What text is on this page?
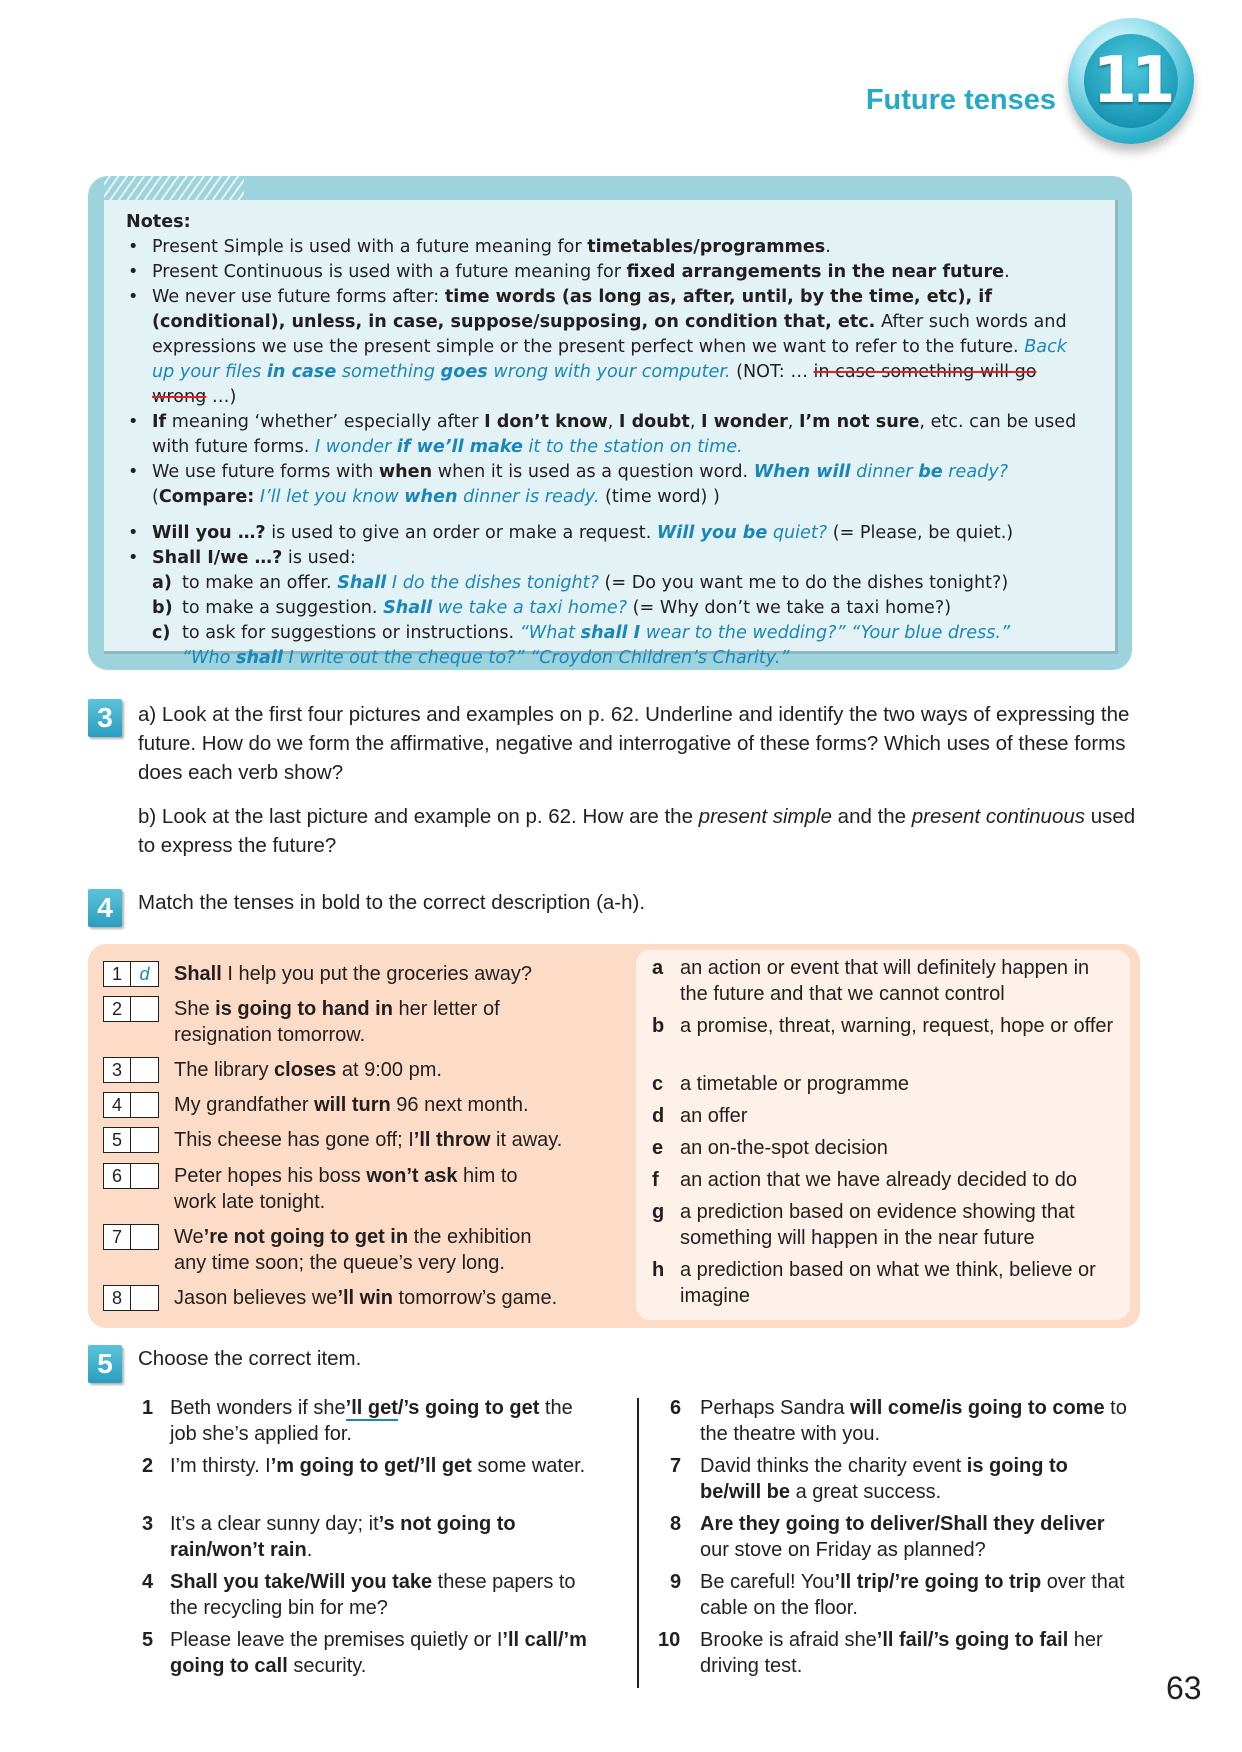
Future tenses 11
Notes:
• Present Simple is used with a future meaning for timetables/programmes.
• Present Continuous is used with a future meaning for fixed arrangements in the near future.
• We never use future forms after: time words (as long as, after, until, by the time, etc), if (conditional), unless, in case, suppose/supposing, on condition that, etc. After such words and expressions we use the present simple or the present perfect when we want to refer to the future. Back up your files in case something goes wrong with your computer. (NOT: … in case something will go wrong …)
• If meaning ‘whether’ especially after I don’t know, I doubt, I wonder, I’m not sure, etc. can be used with future forms. I wonder if we’ll make it to the station on time.
• We use future forms with when when it is used as a question word. When will dinner be ready? (Compare: I’ll let you know when dinner is ready. (time word) )
• Will you …? is used to give an order or make a request. Will you be quiet? (= Please, be quiet.)
• Shall I/we …? is used:
a) to make an offer. Shall I do the dishes tonight? (= Do you want me to do the dishes tonight?)
b) to make a suggestion. Shall we take a taxi home? (= Why don’t we take a taxi home?)
c) to ask for suggestions or instructions. “What shall I wear to the wedding?” “Your blue dress.”
“Who shall I write out the cheque to?” “Croydon Children’s Charity.”
3	a) Look at the first four pictures and examples on p. 62. Underline and identify the two ways of expressing the future. How do we form the affirmative, negative and interrogative of these forms? Which uses of these forms does each verb show?
b) Look at the last picture and example on p. 62. How are the present simple and the present continuous used to express the future?
4	Match the tenses in bold to the correct description (a-h).
1 d	Shall I help you put the groceries away?
2	She is going to hand in her letter of resignation tomorrow.
3	The library closes at 9:00 pm.
4	My grandfather will turn 96 next month.
5	This cheese has gone off; I’ll throw it away.
6	Peter hopes his boss won’t ask him to work late tonight.
7	We’re not going to get in the exhibition any time soon; the queue’s very long.
8	Jason believes we’ll win tomorrow’s game.
a an action or event that will definitely happen in the future and that we cannot control
b a promise, threat, warning, request, hope or offer
c a timetable or programme
d an offer
e an on-the-spot decision
f an action that we have already decided to do
g a prediction based on evidence showing that something will happen in the near future
h a prediction based on what we think, believe or imagine
5	Choose the correct item.
1 Beth wonders if she’ll get/’s going to get the job she’s applied for.
2 I’m thirsty. I’m going to get/’ll get some water.
3 It’s a clear sunny day; it’s not going to rain/won’t rain.
4 Shall you take/Will you take these papers to the recycling bin for me?
5 Please leave the premises quietly or I’ll call/’m going to call security.
6 Perhaps Sandra will come/is going to come to the theatre with you.
7 David thinks the charity event is going to be/will be a great success.
8 Are they going to deliver/Shall they deliver our stove on Friday as planned?
9 Be careful! You’ll trip/’re going to trip over that cable on the floor.
10 Brooke is afraid she’ll fail/’s going to fail her driving test.
63
